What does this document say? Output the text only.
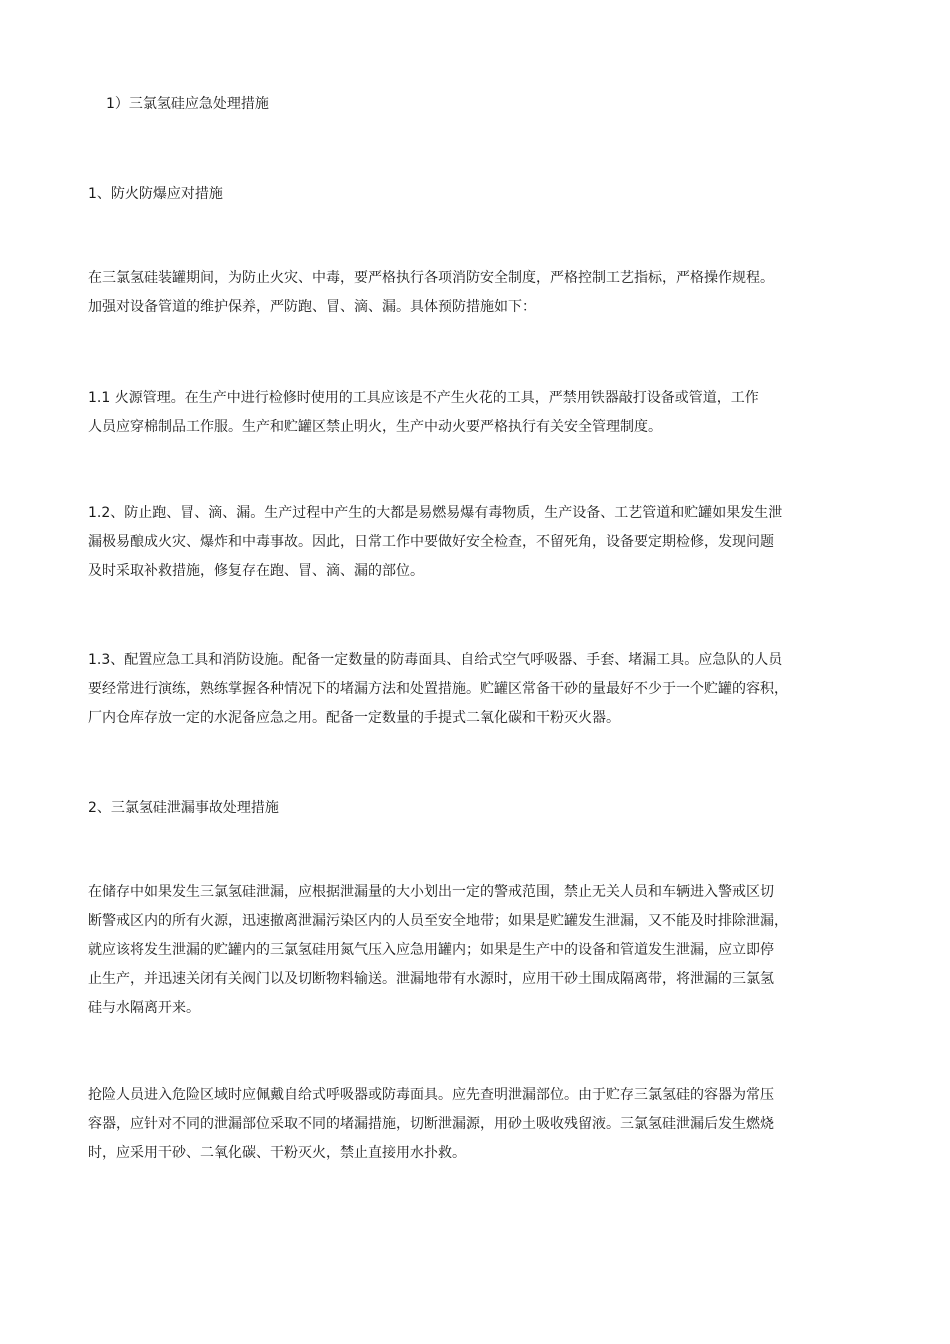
1）三氯氢硅应急处理措施

1、防火防爆应对措施

在三氯氢硅装罐期间，为防止火灾、中毒，要严格执行各项消防安全制度，严格控制工艺指标，严格操作规程。
加强对设备管道的维护保养，严防跑、冒、滴、漏。具体预防措施如下：

1.1 火源管理。在生产中进行检修时使用的工具应该是不产生火花的工具，严禁用铁器敲打设备或管道，工作
人员应穿棉制品工作服。生产和贮罐区禁止明火，生产中动火要严格执行有关安全管理制度。

1.2、防止跑、冒、滴、漏。生产过程中产生的大都是易燃易爆有毒物质，生产设备、工艺管道和贮罐如果发生泄
漏极易酿成火灾、爆炸和中毒事故。因此，日常工作中要做好安全检查，不留死角，设备要定期检修，发现问题
及时采取补救措施，修复存在跑、冒、滴、漏的部位。

1.3、配置应急工具和消防设施。配备一定数量的防毒面具、自给式空气呼吸器、手套、堵漏工具。应急队的人员
要经常进行演练，熟练掌握各种情况下的堵漏方法和处置措施。贮罐区常备干砂的量最好不少于一个贮罐的容积，
厂内仓库存放一定的水泥备应急之用。配备一定数量的手提式二氧化碳和干粉灭火器。

2、三氯氢硅泄漏事故处理措施

在储存中如果发生三氯氢硅泄漏，应根据泄漏量的大小划出一定的警戒范围，禁止无关人员和车辆进入警戒区切
断警戒区内的所有火源，迅速撤离泄漏污染区内的人员至安全地带；如果是贮罐发生泄漏，又不能及时排除泄漏，
就应该将发生泄漏的贮罐内的三氯氢硅用氮气压入应急用罐内；如果是生产中的设备和管道发生泄漏，应立即停
止生产，并迅速关闭有关阀门以及切断物料输送。泄漏地带有水源时，应用干砂土围成隔离带，将泄漏的三氯氢
硅与水隔离开来。

抢险人员进入危险区域时应佩戴自给式呼吸器或防毒面具。应先查明泄漏部位。由于贮存三氯氢硅的容器为常压
容器，应针对不同的泄漏部位采取不同的堵漏措施，切断泄漏源，用砂土吸收残留液。三氯氢硅泄漏后发生燃烧
时，应采用干砂、二氧化碳、干粉灭火，禁止直接用水扑救。
